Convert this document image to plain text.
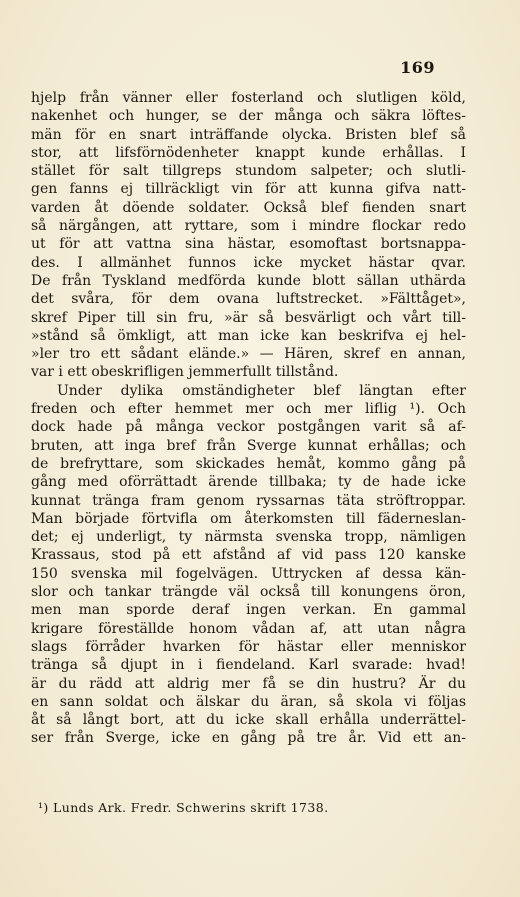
169
hjelp från vänner eller fosterland och slutligen köld,
nakenhet och hunger, se der många och säkra löftes-
män för en snart inträffande olycka. Bristen blef så
stor, att lifsförnödenheter knappt kunde erhållas. I
stället för salt tillgreps stundom salpeter; och slutli-
gen fanns ej tillräckligt vin för att kunna gifva natt-
varden åt döende soldater. Också blef fienden snart
så närgången, att ryttare, som i mindre flockar redo
ut för att vattna sina hästar, esomoftast bortsnappa-
des. I allmänhet funnos icke mycket hästar qvar.
De från Tyskland medförda kunde blott sällan uthärda
det svåra, för dem ovana luftstrecket. »Fälttåget»,
skref Piper till sin fru, »är så besvärligt och vårt till-
»stånd så ömkligt, att man icke kan beskrifva ej hel-
»ler tro ett sådant elände.» — Hären, skref en annan,
var i ett obeskrifligen jemmerfullt tillstånd.
Under dylika omständigheter blef längtan efter
freden och efter hemmet mer och mer liflig ¹). Och
dock hade på många veckor postgången varit så af-
bruten, att inga bref från Sverge kunnat erhållas; och
de brefryttare, som skickades hemåt, kommo gång på
gång med oförrättadt ärende tillbaka; ty de hade icke
kunnat tränga fram genom ryssarnas täta ströftroppar.
Man började förtvifla om återkomsten till fäderneslan-
det; ej underligt, ty närmsta svenska tropp, nämligen
Krassaus, stod på ett afstånd af vid pass 120 kanske
150 svenska mil fogelvägen. Uttrycken af dessa kän-
slor och tankar trängde väl också till konungens öron,
men man sporde deraf ingen verkan. En gammal
krigare föreställde honom vådan af, att utan några
slags förråder hvarken för hästar eller menniskor
tränga så djupt in i fiendeland. Karl svarade: hvad!
är du rädd att aldrig mer få se din hustru? Är du
en sann soldat och älskar du äran, så skola vi följas
åt så långt bort, att du icke skall erhålla underrättel-
ser från Sverge, icke en gång på tre år. Vid ett an-
¹) Lunds Ark. Fredr. Schwerins skrift 1738.
